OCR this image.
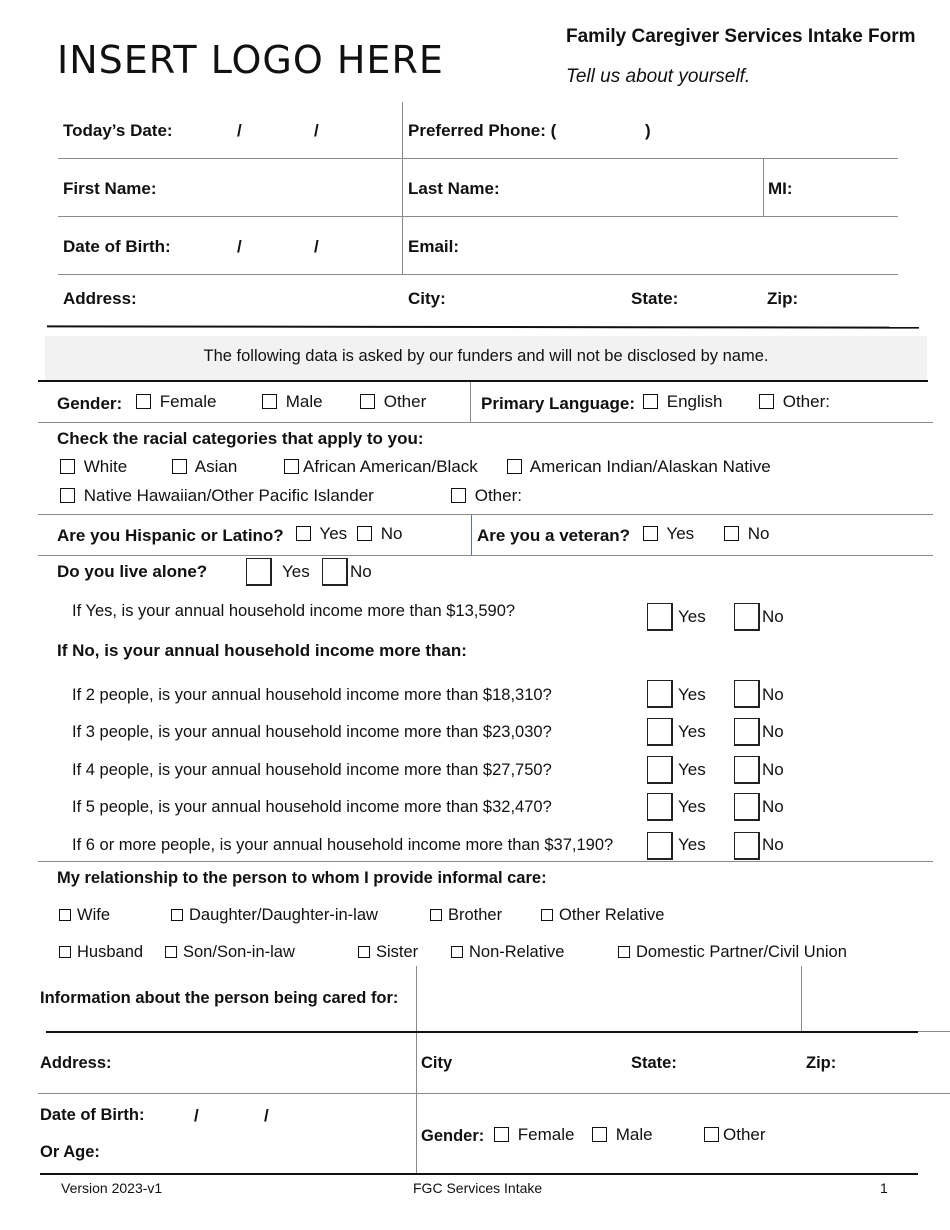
INSERT LOGO HERE
Family Caregiver Services Intake Form
Tell us about yourself.
Today’s Date:	/	/	Preferred Phone: (	)
First Name:	Last Name:	MI:
Date of Birth:	/	/	Email:
Address:	City:	State:	Zip:
The following data is asked by our funders and will not be disclosed by name.
Gender:	Female	Male	Other	Primary Language:	English	Other:
Check the racial categories that apply to you:
White	Asian	African American/Black	American Indian/Alaskan Native
Native Hawaiian/Other Pacific Islander	Other:
Are you Hispanic or Latino?	Yes	No	Are you a veteran?	Yes	No
Do you live alone?	Yes No
If Yes, is your annual household income more than $13,590?	Yes	No
If No, is your annual household income more than:
If 2 people, is your annual household income more than $18,310?	Yes	No
If 3 people, is your annual household income more than $23,030?	Yes	No
If 4 people, is your annual household income more than $27,750?	Yes	No
If 5 people, is your annual household income more than $32,470?	Yes	No
If 6 or more people, is your annual household income more than $37,190?	Yes	No
My relationship to the person to whom I provide informal care:
Wife	Daughter/Daughter-in-law	Brother	Other Relative
Husband	Son/Son-in-law	Sister	Non-Relative	Domestic Partner/Civil Union
Information about the person being cared for:
Address:	City	State:	Zip:
Date of Birth:	/	/
Or Age:
Gender:	Female	Male	Other
Version 2023-v1	FGC Services Intake	1
